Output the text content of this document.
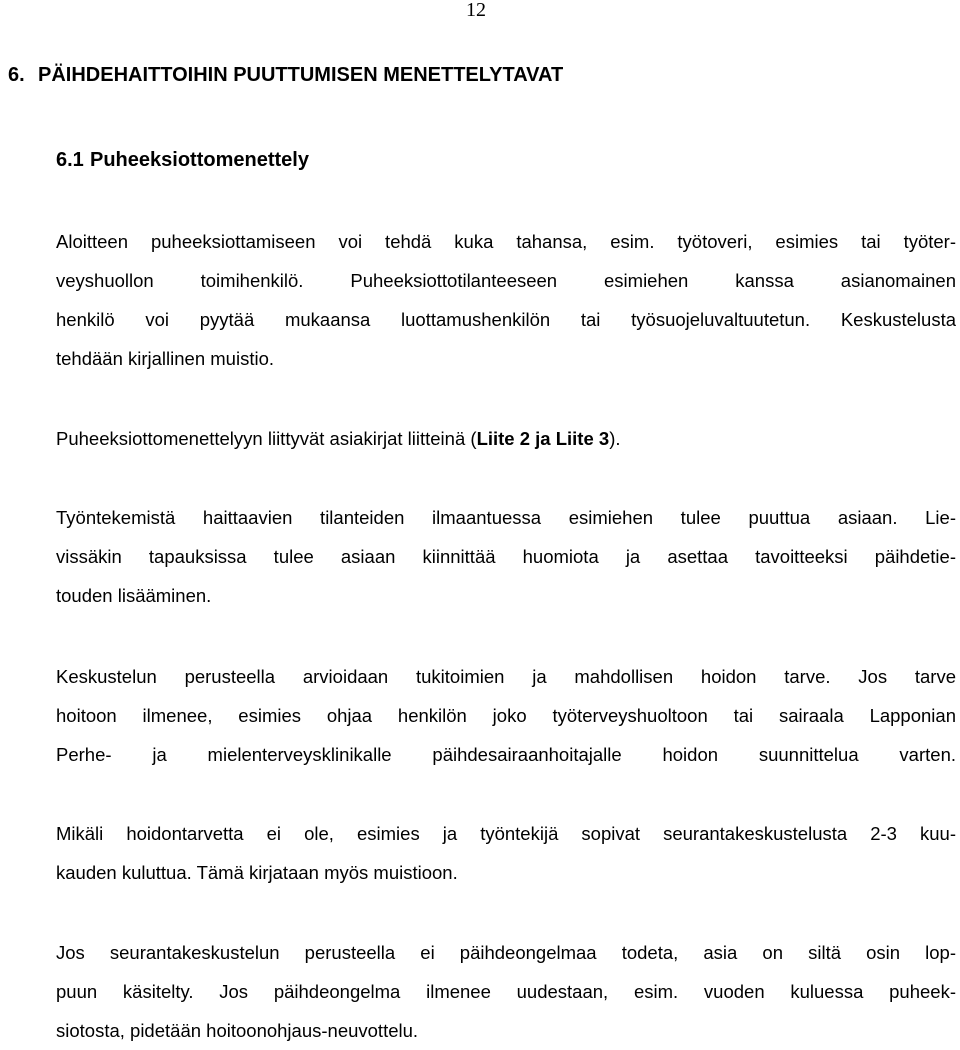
12
6. PÄIHDEHAITTOIHIN PUUTTUMISEN MENETTELYTAVAT
6.1 Puheeksiottomenettely
Aloitteen puheeksiottamiseen voi tehdä kuka tahansa, esim. työtoveri, esimies tai työter-
veyshuollon toimihenkilö. Puheeksiottotilanteeseen esimiehen kanssa asianomainen
henkilö voi pyytää mukaansa luottamushenkilön tai työsuojeluvaltuutetun. Keskustelusta
tehdään kirjallinen muistio.
Puheeksiottomenettelyyn liittyvät asiakirjat liitteinä (Liite 2 ja Liite 3).
Työntekemistä haittaavien tilanteiden ilmaantuessa esimiehen tulee puuttua asiaan. Lie-
vissäkin tapauksissa tulee asiaan kiinnittää huomiota ja asettaa tavoitteeksi päihdetie-
touden lisääminen.
Keskustelun perusteella arvioidaan tukitoimien ja mahdollisen hoidon tarve. Jos tarve
hoitoon ilmenee, esimies ohjaa henkilön joko työterveyshuoltoon tai sairaala Lapponian
Perhe- ja mielenterveysklinikalle päihdesairaanhoitajalle hoidon suunnittelua varten.
Mikäli hoidontarvetta ei ole, esimies ja työntekijä sopivat seurantakeskustelusta 2-3 kuu-
kauden kuluttua. Tämä kirjataan myös muistioon.
Jos seurantakeskustelun perusteella ei päihdeongelmaa todeta, asia on siltä osin lop-
puun käsitelty. Jos päihdeongelma ilmenee uudestaan, esim. vuoden kuluessa puheek-
siotosta, pidetään hoitoonohjaus-neuvottelu.
